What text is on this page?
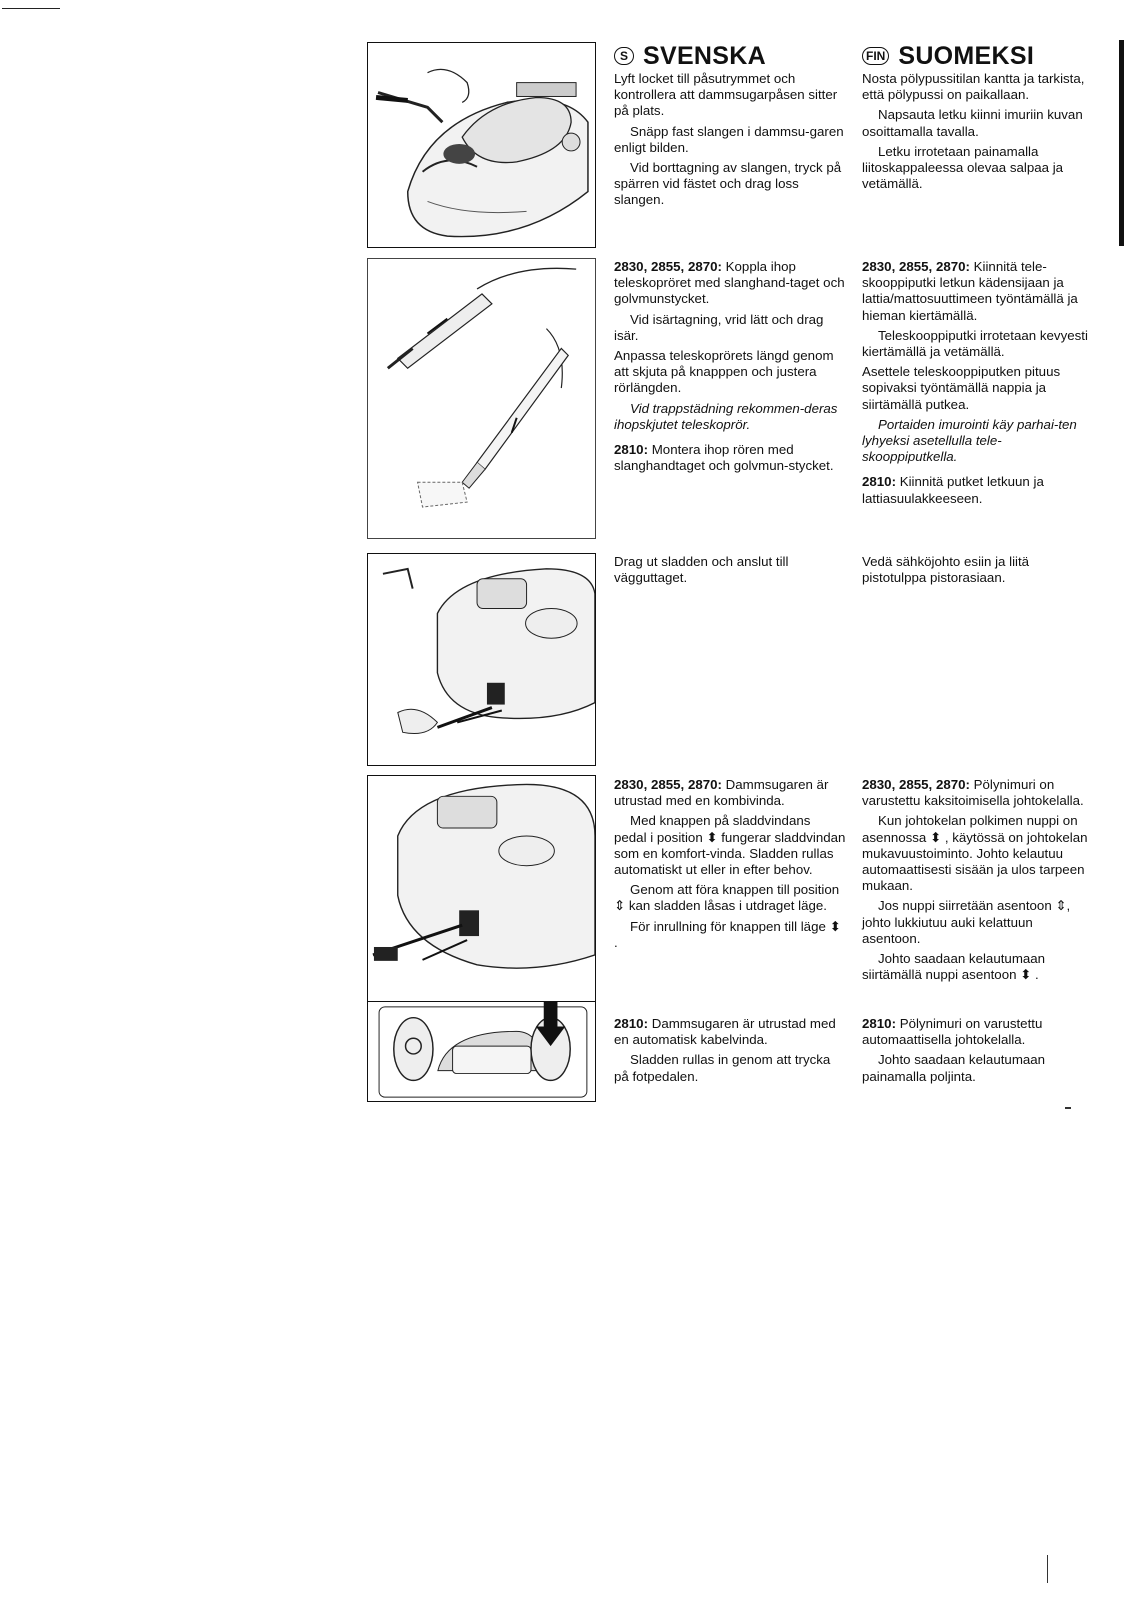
S SVENSKA	FIN SUOMEKSI

Lyft locket till påsutrymmet och kontrollera att dammsugarpåsen sitter på plats.

Snäpp fast slangen i dammsu-garen enligt bilden.

Vid borttagning av slangen, tryck på spärren vid fästet och drag loss slangen.

Nosta pölypussitilan kantta ja tarkista, että pölypussi on paikallaan.

Napsauta letku kiinni imuriin kuvan osoittamalla tavalla.

Letku irrotetaan painamalla liitoskappaleessa olevaa salpaa ja vetämällä.

2830, 2855, 2870: Koppla ihop teleskopröret med slanghand-taget och golvmunstycket.

Vid isärtagning, vrid lätt och drag isär.

Anpassa teleskoprörets längd genom att skjuta på knapppen och justera rörlängden.

Vid trappstädning rekommen-deras ihopskjutet teleskoprör.

2810: Montera ihop rören med slanghandtaget och golvmun-stycket.

2830, 2855, 2870: Kiinnitä tele-skooppiputki letkun kädensijaan ja lattia/mattosuuttimeen työntämällä ja hieman kiertämällä.

Teleskooppiputki irrotetaan kevyesti kiertämällä ja vetämällä.

Asettele teleskooppiputken pituus sopivaksi työntämällä nappia ja siirtämällä putkea.

Portaiden imurointi käy parhai-ten lyhyeksi asetellulla tele-skooppiputkella.

2810: Kiinnitä putket letkuun ja lattiasuulakkeeseen.

Drag ut sladden och anslut till vägguttaget.

Vedä sähköjohto esiin ja liitä pistotulppa pistorasiaan.

2830, 2855, 2870: Dammsugaren är utrustad med en kombivinda.

Med knappen på sladdvindans pedal i position ⬍ fungerar sladdvindan som en komfort-vinda. Sladden rullas automatiskt ut eller in efter behov.

Genom att föra knappen till position ⇕ kan sladden låsas i utdraget läge.

För inrullning för knappen till läge ⬍ .

2810: Dammsugaren är utrustad med en automatisk kabelvinda.

Sladden rullas in genom att trycka på fotpedalen.

2830, 2855, 2870: Pölynimuri on varustettu kaksitoimisella johtokelalla.

Kun johtokelan polkimen nuppi on asennossa ⬍ , käytössä on johtokelan mukavuustoiminto. Johto kelautuu automaattisesti sisään ja ulos tarpeen mukaan.

Jos nuppi siirretään asentoon ⇕, johto lukkiutuu auki kelattuun asentoon.

Johto saadaan kelautumaan siirtämällä nuppi asentoon ⬍ .

2810: Pölynimuri on varustettu automaattisella johtokelalla.

Johto saadaan kelautumaan painamalla poljinta.
